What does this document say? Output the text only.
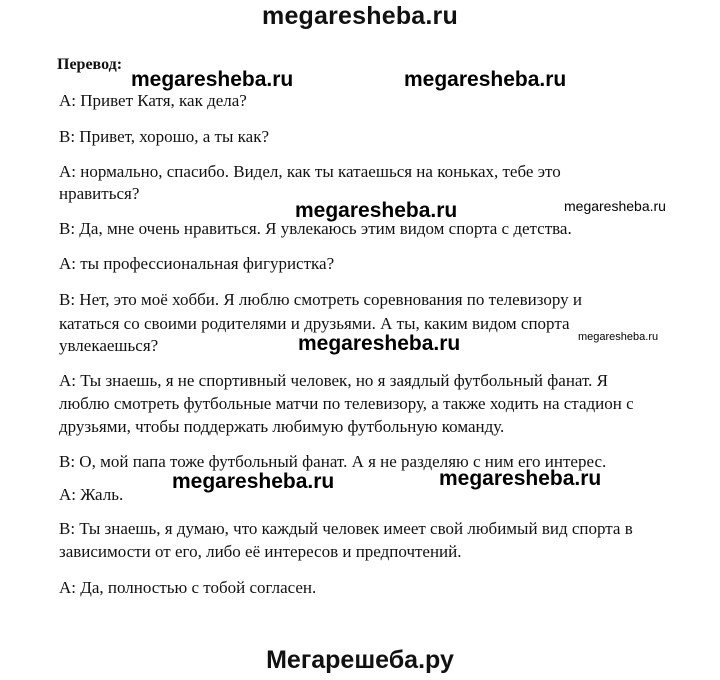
megaresheba.ru
Перевод:
А: Привет Катя, как дела?
В: Привет, хорошо, а ты как?
А: нормально, спасибо. Видел, как ты катаешься на коньках, тебе это
нравиться?
В: Да, мне очень нравиться. Я увлекаюсь этим видом спорта с детства.
А: ты профессиональная фигуристка?
В: Нет, это моё хобби. Я люблю смотреть соревнования по телевизору и
кататься со своими родителями и друзьями. А ты, каким видом спорта
увлекаешься?
А: Ты знаешь, я не спортивный человек, но я заядлый футбольный фанат. Я
люблю смотреть футбольные матчи по телевизору, а также ходить на стадион с
друзьями, чтобы поддержать любимую футбольную команду.
В: О, мой папа тоже футбольный фанат. А я не разделяю с ним его интерес.
А: Жаль.
В: Ты знаешь, я думаю, что каждый человек имеет свой любимый вид спорта в
зависимости от его, либо её интересов и предпочтений.
А: Да, полностью с тобой согласен.
megaresheba.ru	megaresheba.ru
megaresheba.ru	megaresheba.ru
megaresheba.ru	megaresheba.ru
megaresheba.ru	megaresheba.ru
Мегарешеба.ру
